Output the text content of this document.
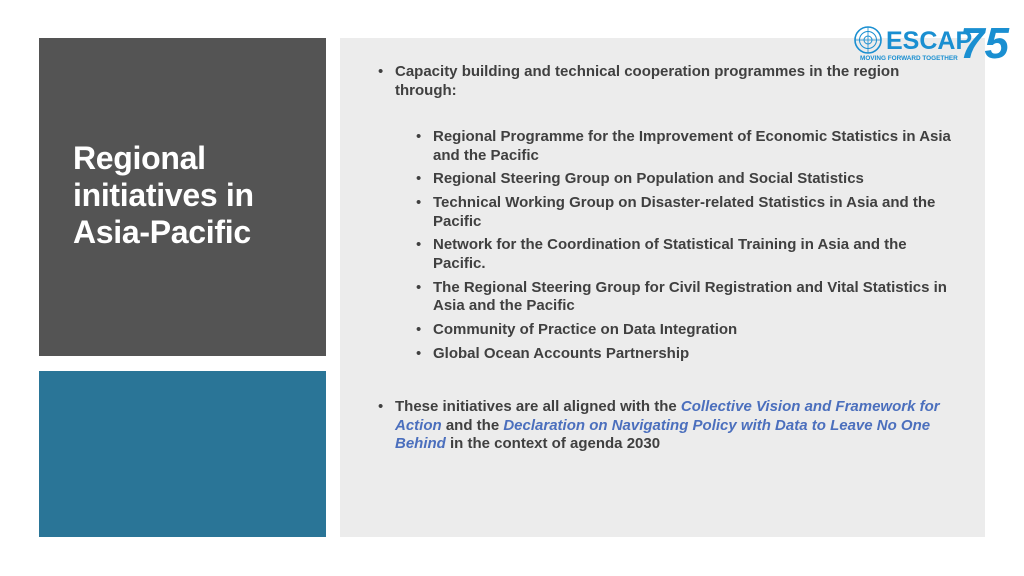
Regional initiatives in Asia-Pacific
• Capacity building and technical cooperation programmes in the region through:
• Regional Programme for the Improvement of Economic Statistics in Asia and the Pacific
• Regional Steering Group on Population and Social Statistics
• Technical Working Group on Disaster-related Statistics in Asia and the Pacific
• Network for the Coordination of Statistical Training in Asia and the Pacific.
• The Regional Steering Group for Civil Registration and Vital Statistics in Asia and the Pacific
• Community of Practice on Data Integration
• Global Ocean Accounts Partnership
• These initiatives are all aligned with the Collective Vision and Framework for Action and the Declaration on Navigating Policy with Data to Leave No One Behind in the context of agenda 2030
ESCAP
75
MOVING FORWARD TOGETHER
